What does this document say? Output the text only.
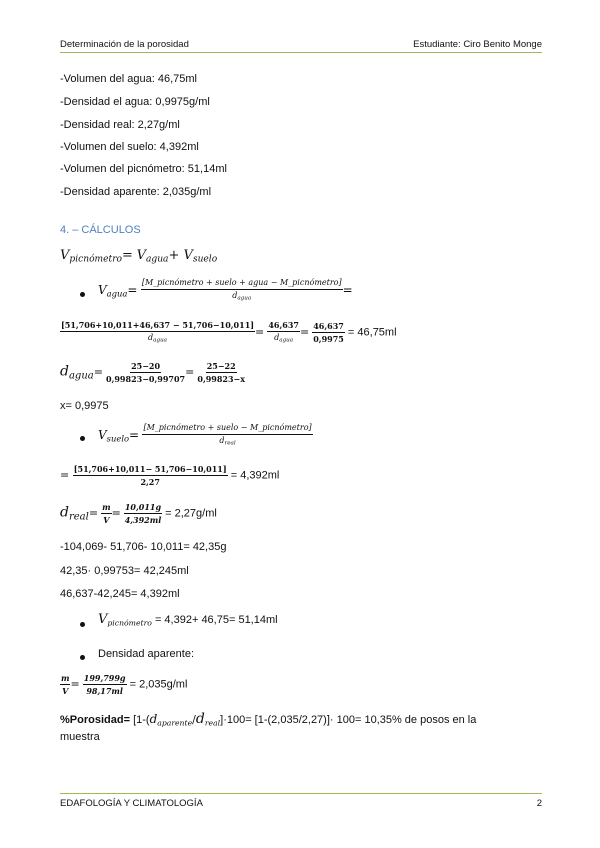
Determinación de la porosidad	Estudiante: Ciro Benito Monge
-Volumen del agua: 46,75ml
-Densidad el agua: 0,9975g/ml
-Densidad real: 2,27g/ml
-Volumen del suelo: 4,392ml
-Volumen del picnómetro: 51,14ml
-Densidad aparente: 2,035g/ml
4. – CÁLCULOS
$V_{picnómetro}= V_{agua}+ V_{suelo}$
$V_{agua}= \frac{\text{[M\_picnómetro + suelo + agua − M\_picnómetro]}}{d_{agua}}$ =
$\frac{[51,706+10,011+46,637 - 51,706-10,011]}{d_{agua}} = \frac{46,637}{d_{agua}} = \frac{46,637}{0,9975} = 46,75ml$
$d_{agua}= \frac{25-20}{0,99823-0,99707} = \frac{25-22}{0,99823-x}$
x= 0,9975
$V_{suelo}= \frac{\text{[M\_picnómetro + suelo − M\_picnómetro]}}{d_{real}}$
= $\frac{[51,706+10,011- 51,706-10,011]}{2,27} = 4,392ml$
$d_{real}= \frac{m}{V} = \frac{10,011g}{4,392ml} = 2,27g/ml$
-104,069- 51,706- 10,011= 42,35g
42,35· 0,99753= 42,245ml
46,637-42,245= 4,392ml
$V_{picnómetro} = 4,392+ 46,75= 51,14ml$
Densidad aparente:
$\frac{m}{V} = \frac{199,799g}{98,17ml} = 2,035g/ml$
%Porosidad= [$1-(d_{aparente}/d_{real}]\cdot 100= [1-(2,035/2,27)]\cdot 100= 10,35\%$ de posos en la
muestra
EDAFOLOGÍA Y CLIMATOLOGÍA	2
